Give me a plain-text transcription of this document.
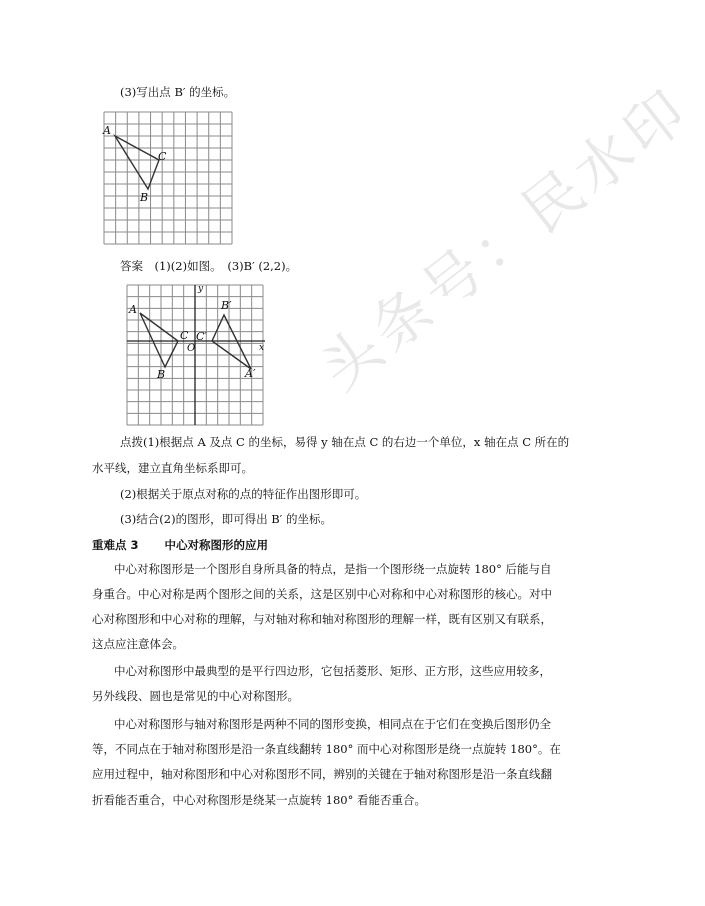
(3)写出点 B′ 的坐标。
A
B
C
答案　(1)(2)如图。　(3)B′ (2,2)。
y
x
O
A
B
C C′
B′
A′
点拨(1)根据点 A 及点 C 的坐标，易得 y 轴在点 C 的右边一个单位，x 轴在点 C 所在的
水平线，建立直角坐标系即可。
(2)根据关于原点对称的点的特征作出图形即可。
(3)结合(2)的图形，即可得出 B′ 的坐标。
重难点 3 中心对称图形的应用
中心对称图形是一个图形自身所具备的特点，是指一个图形绕一点旋转 180° 后能与自
身重合。中心对称是两个图形之间的关系，这是区别中心对称和中心对称图形的核心。对中
心对称图形和中心对称的理解，与对轴对称和轴对称图形的理解一样，既有区别又有联系，
这点应注意体会。
中心对称图形中最典型的是平行四边形，它包括菱形、矩形、正方形，这些应用较多，
另外线段、圆也是常见的中心对称图形。
中心对称图形与轴对称图形是两种不同的图形变换，相同点在于它们在变换后图形仍全
等，不同点在于轴对称图形是沿一条直线翻转 180° 而中心对称图形是绕一点旋转 180°。在
应用过程中，轴对称图形和中心对称图形不同，辨别的关键在于轴对称图形是沿一条直线翻
折看能否重合，中心对称图形是绕某一点旋转 180° 看能否重合。
头条号：民水印
